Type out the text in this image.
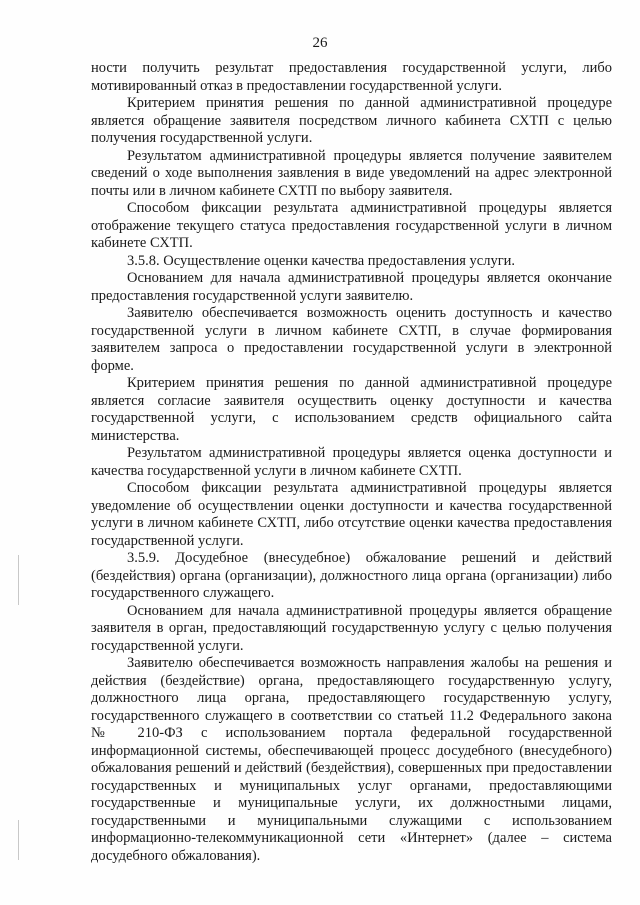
26

ности получить результат предоставления государственной услуги, либо мотивированный отказ в предоставлении государственной услуги.

Критерием принятия решения по данной административной процедуре является обращение заявителя посредством личного кабинета СХТП с целью получения государственной услуги.

Результатом административной процедуры является получение заявителем сведений о ходе выполнения заявления в виде уведомлений на адрес электронной почты или в личном кабинете СХТП по выбору заявителя.

Способом фиксации результата административной процедуры является отображение текущего статуса предоставления государственной услуги в личном кабинете СХТП.

3.5.8. Осуществление оценки качества предоставления услуги.

Основанием для начала административной процедуры является окончание предоставления государственной услуги заявителю.

Заявителю обеспечивается возможность оценить доступность и качество государственной услуги в личном кабинете СХТП, в случае формирования заявителем запроса о предоставлении государственной услуги в электронной форме.

Критерием принятия решения по данной административной процедуре является согласие заявителя осуществить оценку доступности и качества государственной услуги, с использованием средств официального сайта министерства.

Результатом административной процедуры является оценка доступности и качества государственной услуги в личном кабинете СХТП.

Способом фиксации результата административной процедуры является уведомление об осуществлении оценки доступности и качества государственной услуги в личном кабинете СХТП, либо отсутствие оценки качества предоставления государственной услуги.

3.5.9. Досудебное (внесудебное) обжалование решений и действий (бездействия) органа (организации), должностного лица органа (организации) либо государственного служащего.

Основанием для начала административной процедуры является обращение заявителя в орган, предоставляющий государственную услугу с целью получения государственной услуги.

Заявителю обеспечивается возможность направления жалобы на решения и действия (бездействие) органа, предоставляющего государственную услугу, должностного лица органа, предоставляющего государственную услугу, государственного служащего в соответствии со статьей 11.2 Федерального закона № 210-ФЗ с использованием портала федеральной государственной информационной системы, обеспечивающей процесс досудебного (внесудебного) обжалования решений и действий (бездействия), совершенных при предоставлении государственных и муниципальных услуг органами, предоставляющими государственные и муниципальные услуги, их должностными лицами, государственными и муниципальными служащими с использованием информационно-телекоммуникационной сети «Интернет» (далее – система досудебного обжалования).
